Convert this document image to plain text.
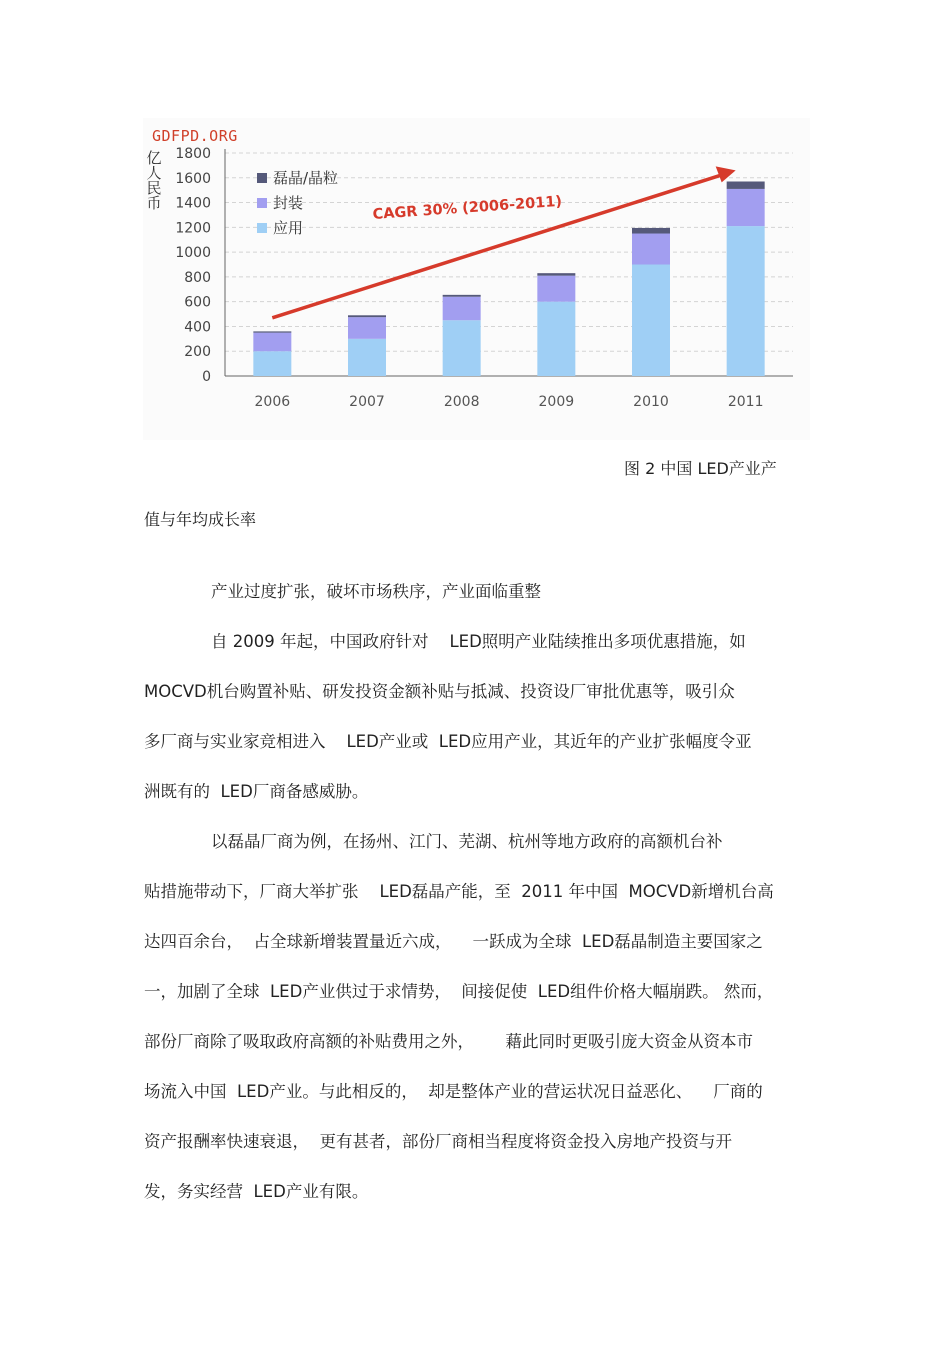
GDFPD.ORG
亿
人
民
币
0
200
400
600
800
1000
1200
1400
1600
1800
2006	2007	2008	2009	2010	2011
磊晶/晶粒
封装
应用
CAGR 30% (2006-2011)
图 2 中国 LED产业产
值与年均成长率
产业过度扩张，破坏市场秩序，产业面临重整
自 2009 年起，中国政府针对    LED照明产业陆续推出多项优惠措施，如
MOCVD机台购置补贴、研发投资金额补贴与抵减、投资设厂审批优惠等，吸引众
多厂商与实业家竞相进入    LED产业或  LED应用产业，其近年的产业扩张幅度令亚
洲既有的  LED厂商备感威胁。
以磊晶厂商为例，在扬州、江门、芜湖、杭州等地方政府的高额机台补
贴措施带动下，厂商大举扩张    LED磊晶产能，至  2011 年中国  MOCVD新增机台高
达四百余台，  占全球新增装置量近六成，    一跃成为全球  LED磊晶制造主要国家之
一，加剧了全球  LED产业供过于求情势，  间接促使  LED组件价格大幅崩跌。 然而，
部份厂商除了吸取政府高额的补贴费用之外，      藉此同时更吸引庞大资金从资本市
场流入中国  LED产业。与此相反的，  却是整体产业的营运状况日益恶化、    厂商的
资产报酬率快速衰退，  更有甚者，部份厂商相当程度将资金投入房地产投资与开
发，务实经营  LED产业有限。
